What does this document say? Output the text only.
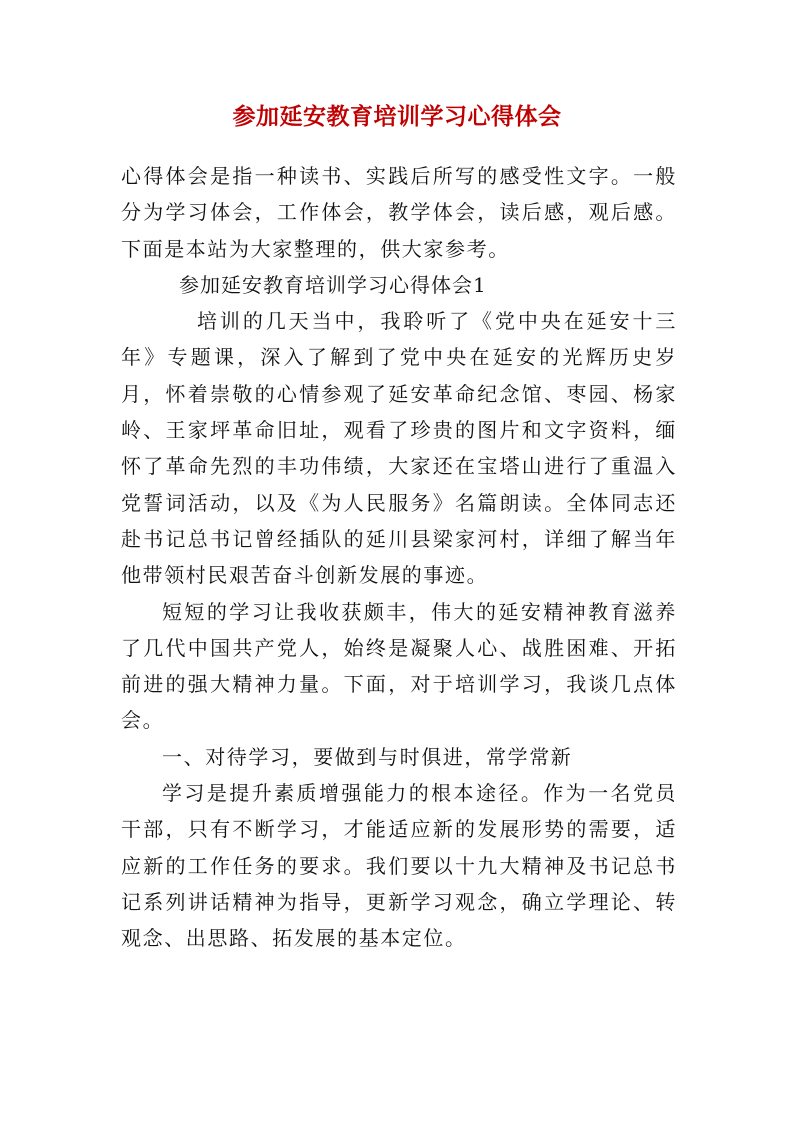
参加延安教育培训学习心得体会

心得体会是指一种读书、实践后所写的感受性文字。一般分为学习体会，工作体会，教学体会，读后感，观后感。下面是本站为大家整理的，供大家参考。

参加延安教育培训学习心得体会1

培训的几天当中，我聆听了《党中央在延安十三年》专题课，深入了解到了党中央在延安的光辉历史岁月，怀着崇敬的心情参观了延安革命纪念馆、枣园、杨家岭、王家坪革命旧址，观看了珍贵的图片和文字资料，缅怀了革命先烈的丰功伟绩，大家还在宝塔山进行了重温入党誓词活动，以及《为人民服务》名篇朗读。全体同志还赴书记总书记曾经插队的延川县梁家河村，详细了解当年他带领村民艰苦奋斗创新发展的事迹。

短短的学习让我收获颇丰，伟大的延安精神教育滋养了几代中国共产党人，始终是凝聚人心、战胜困难、开拓前进的强大精神力量。下面，对于培训学习，我谈几点体会。

一、对待学习，要做到与时俱进，常学常新

学习是提升素质增强能力的根本途径。作为一名党员干部，只有不断学习，才能适应新的发展形势的需要，适应新的工作任务的要求。我们要以十九大精神及书记总书记系列讲话精神为指导，更新学习观念，确立学理论、转观念、出思路、拓发展的基本定位。
